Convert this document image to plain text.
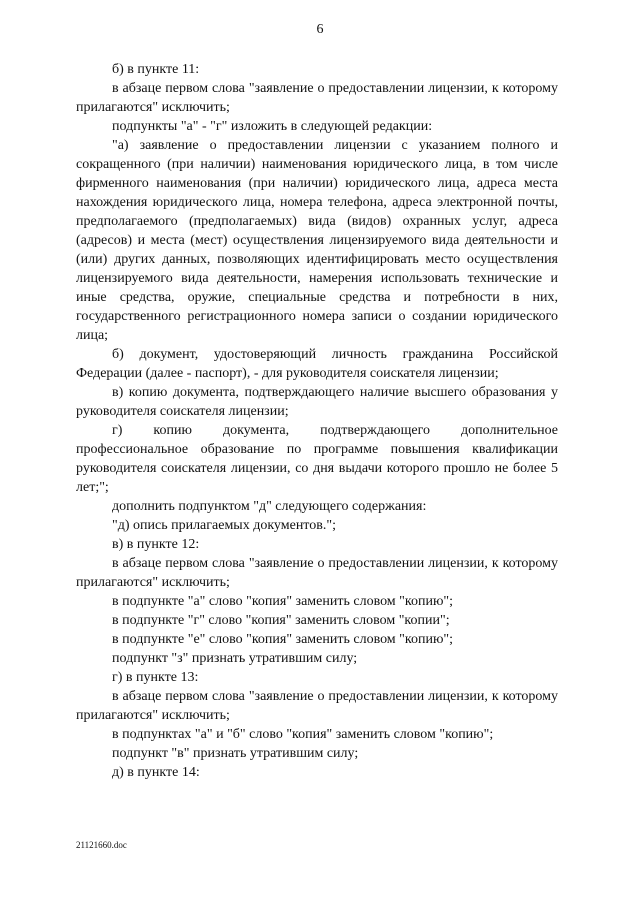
6

б) в пункте 11:

в абзаце первом слова "заявление о предоставлении лицензии, к которому прилагаются" исключить;

подпункты "а" - "г" изложить в следующей редакции:

"а) заявление о предоставлении лицензии с указанием полного и сокращенного (при наличии) наименования юридического лица, в том числе фирменного наименования (при наличии) юридического лица, адреса места нахождения юридического лица, номера телефона, адреса электронной почты, предполагаемого (предполагаемых) вида (видов) охранных услуг, адреса (адресов) и места (мест) осуществления лицензируемого вида деятельности и (или) других данных, позволяющих идентифицировать место осуществления лицензируемого вида деятельности, намерения использовать технические и иные средства, оружие, специальные средства и потребности в них, государственного регистрационного номера записи о создании юридического лица;

б) документ, удостоверяющий личность гражданина Российской Федерации (далее - паспорт), - для руководителя соискателя лицензии;

в) копию документа, подтверждающего наличие высшего образования у руководителя соискателя лицензии;

г) копию документа, подтверждающего дополнительное профессиональное образование по программе повышения квалификации руководителя соискателя лицензии, со дня выдачи которого прошло не более 5 лет;";

дополнить подпунктом "д" следующего содержания:

"д) опись прилагаемых документов.";

в) в пункте 12:

в абзаце первом слова "заявление о предоставлении лицензии, к которому прилагаются" исключить;

в подпункте "а" слово "копия" заменить словом "копию";

в подпункте "г" слово "копия" заменить словом "копии";

в подпункте "е" слово "копия" заменить словом "копию";

подпункт "з" признать утратившим силу;

г) в пункте 13:

в абзаце первом слова "заявление о предоставлении лицензии, к которому прилагаются" исключить;

в подпунктах "а" и "б" слово "копия" заменить словом "копию";

подпункт "в" признать утратившим силу;

д) в пункте 14:

21121660.doc
